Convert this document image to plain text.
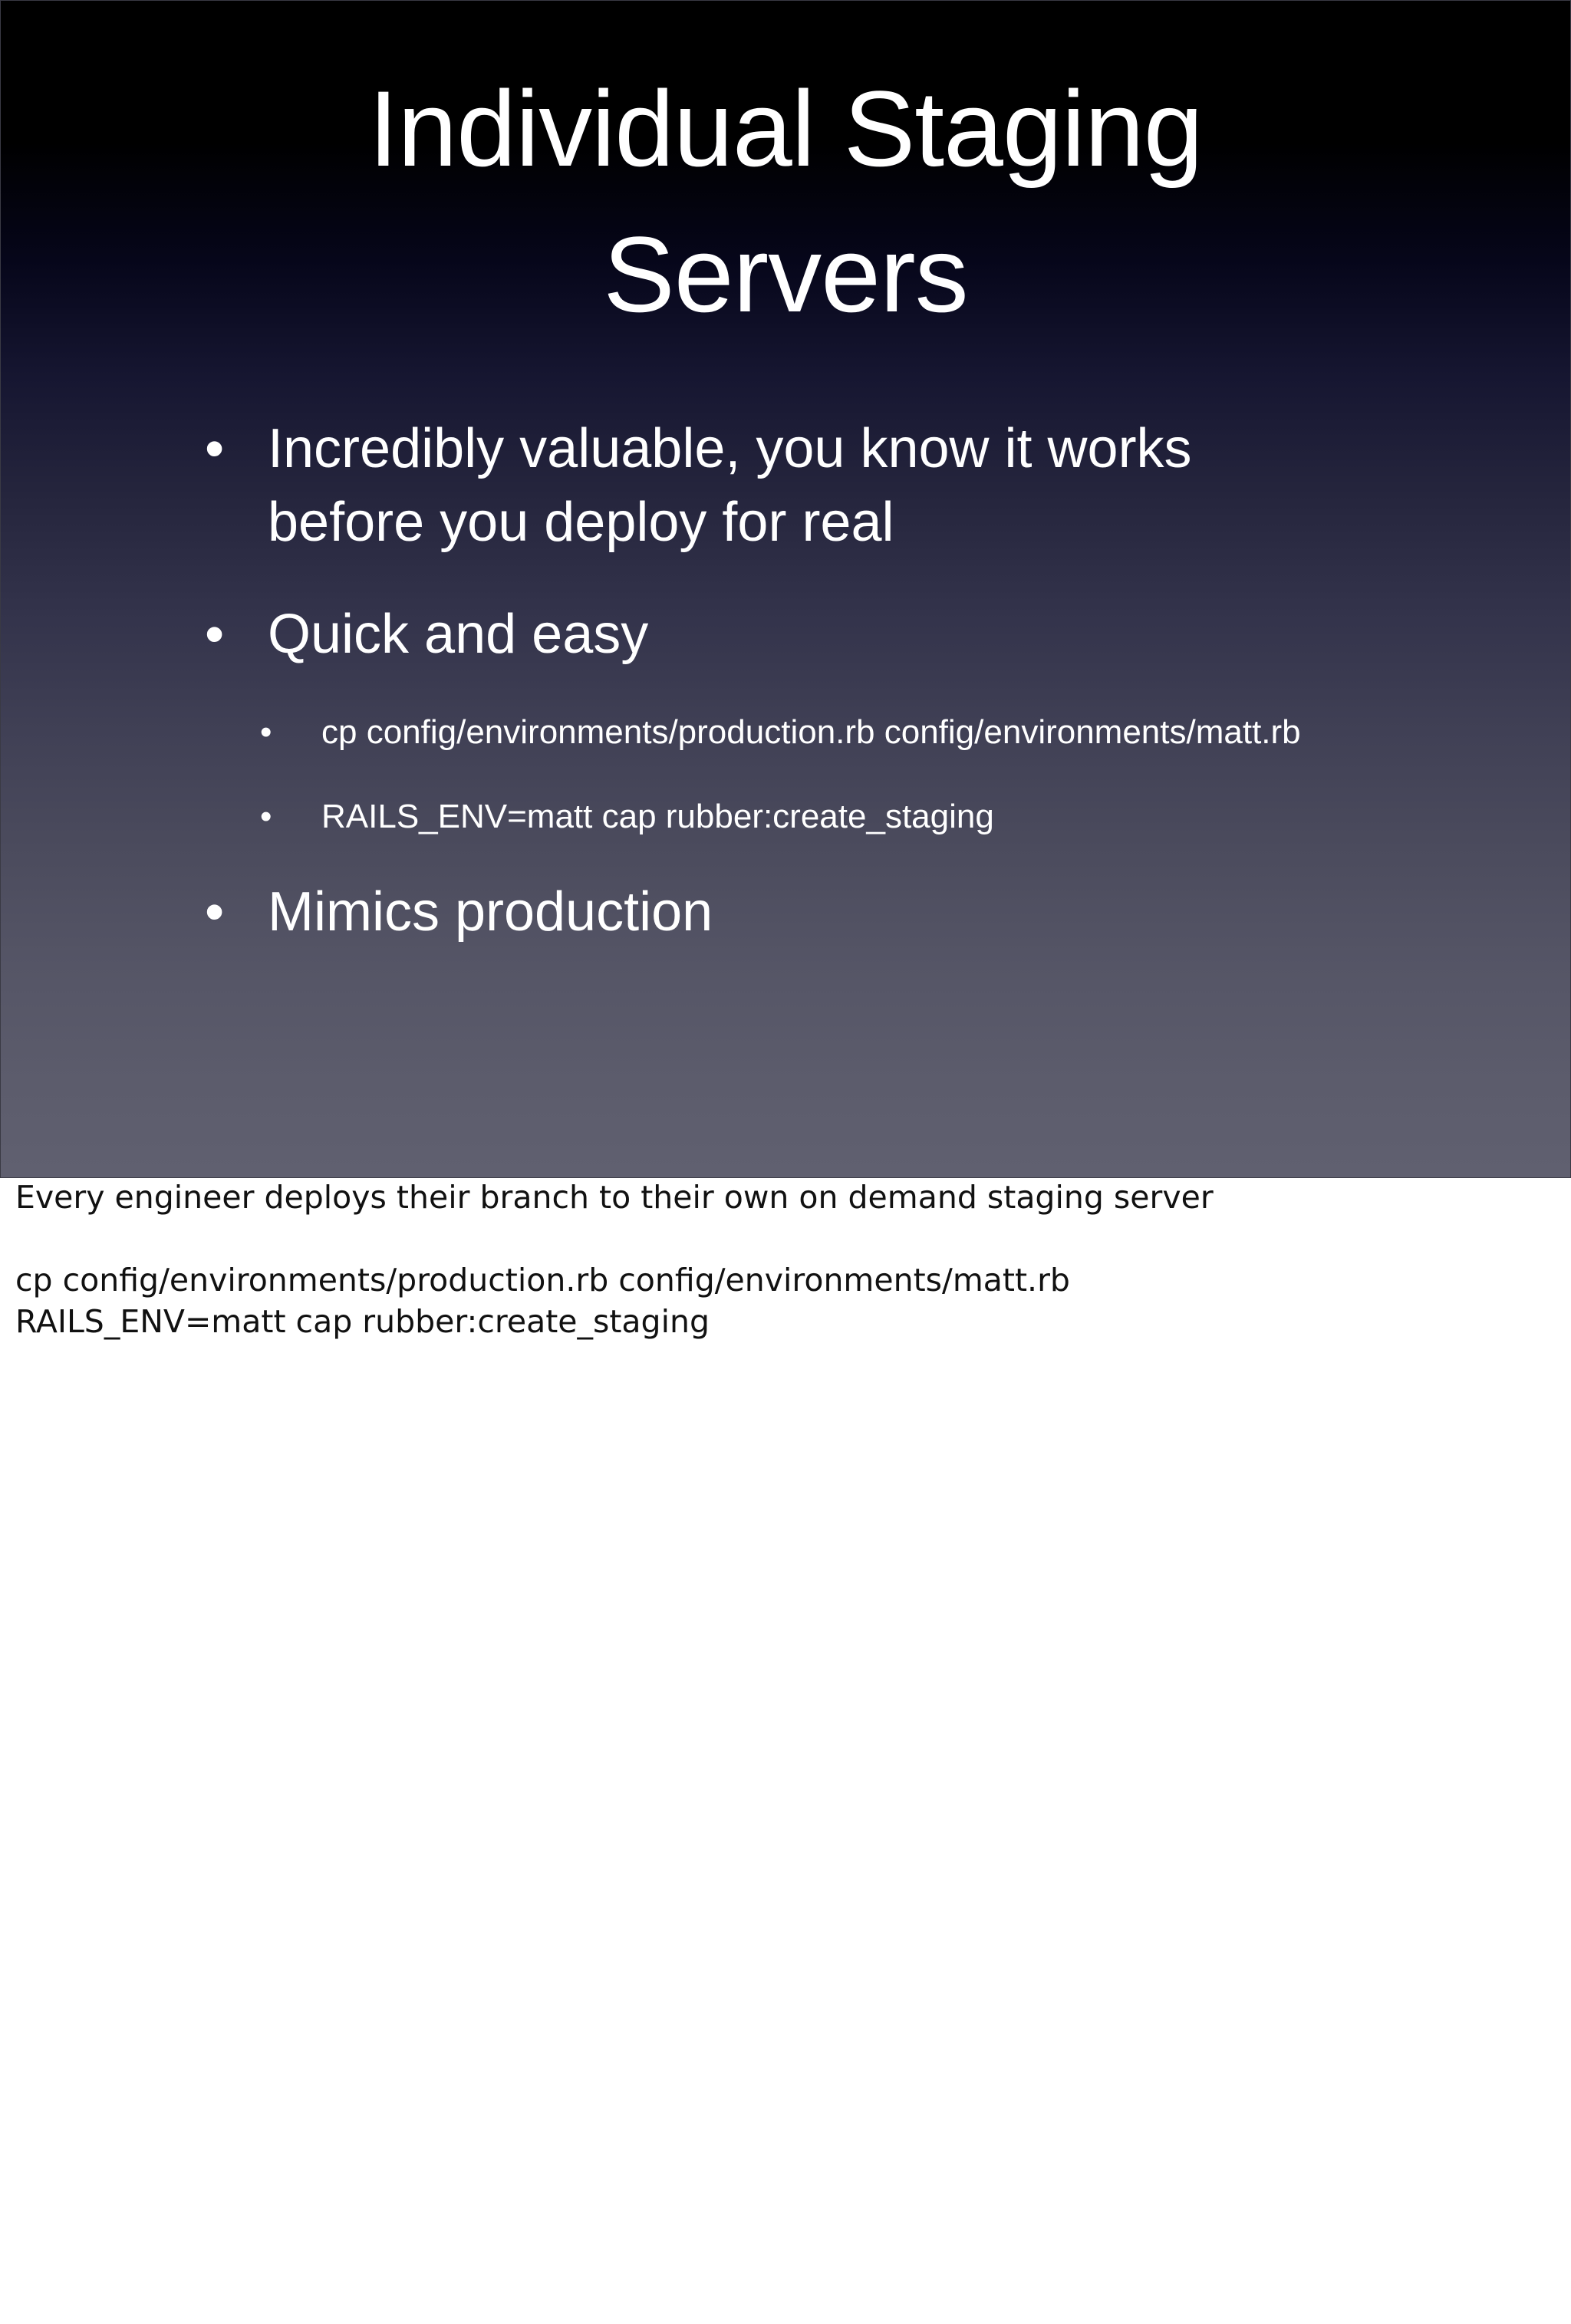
Individual Staging
Servers
• Incredibly valuable, you know it works
before you deploy for real
• Quick and easy
• cp config/environments/production.rb config/environments/matt.rb
• RAILS_ENV=matt cap rubber:create_staging
• Mimics production
Every engineer deploys their branch to their own on demand staging server
cp config/environments/production.rb config/environments/matt.rb
RAILS_ENV=matt cap rubber:create_staging
